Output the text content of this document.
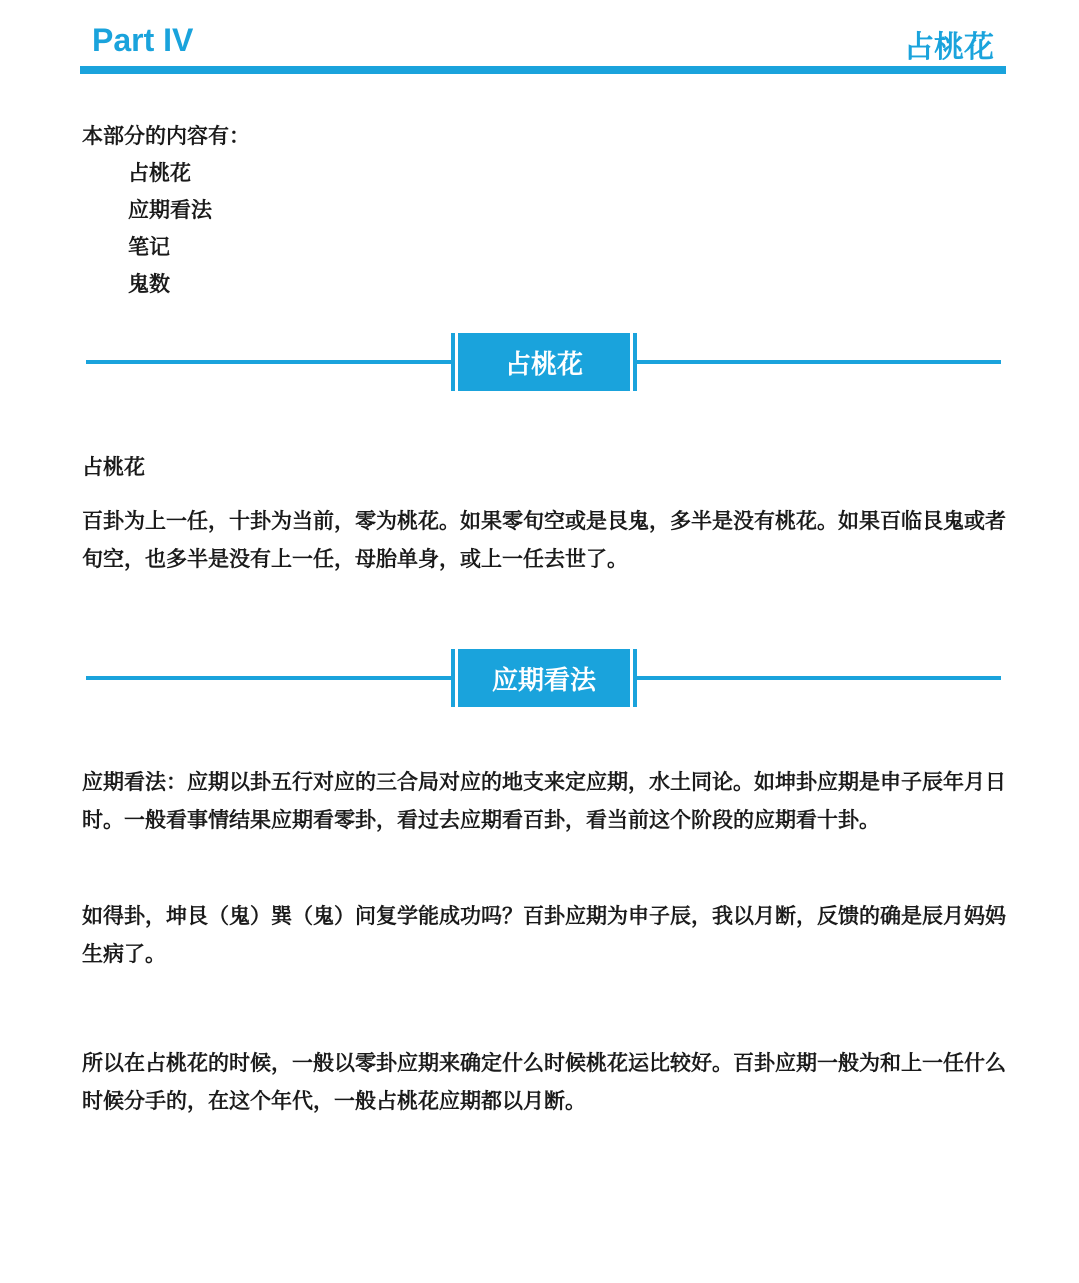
Part IV	占桃花
本部分的内容有：
占桃花
应期看法
笔记
鬼数
占桃花

占桃花

百卦为上一任，十卦为当前，零为桃花。如果零旬空或是艮鬼，多半是没有桃花。如果百临艮鬼或者旬空，也多半是没有上一任，母胎单身，或上一任去世了。

应期看法

应期看法：应期以卦五行对应的三合局对应的地支来定应期，水土同论。如坤卦应期是申子辰年月日时。一般看事情结果应期看零卦，看过去应期看百卦，看当前这个阶段的应期看十卦。

如得卦，坤艮（鬼）巽（鬼）问复学能成功吗？百卦应期为申子辰，我以月断，反馈的确是辰月妈妈生病了。

所以在占桃花的时候，一般以零卦应期来确定什么时候桃花运比较好。百卦应期一般为和上一任什么时候分手的，在这个年代，一般占桃花应期都以月断。
